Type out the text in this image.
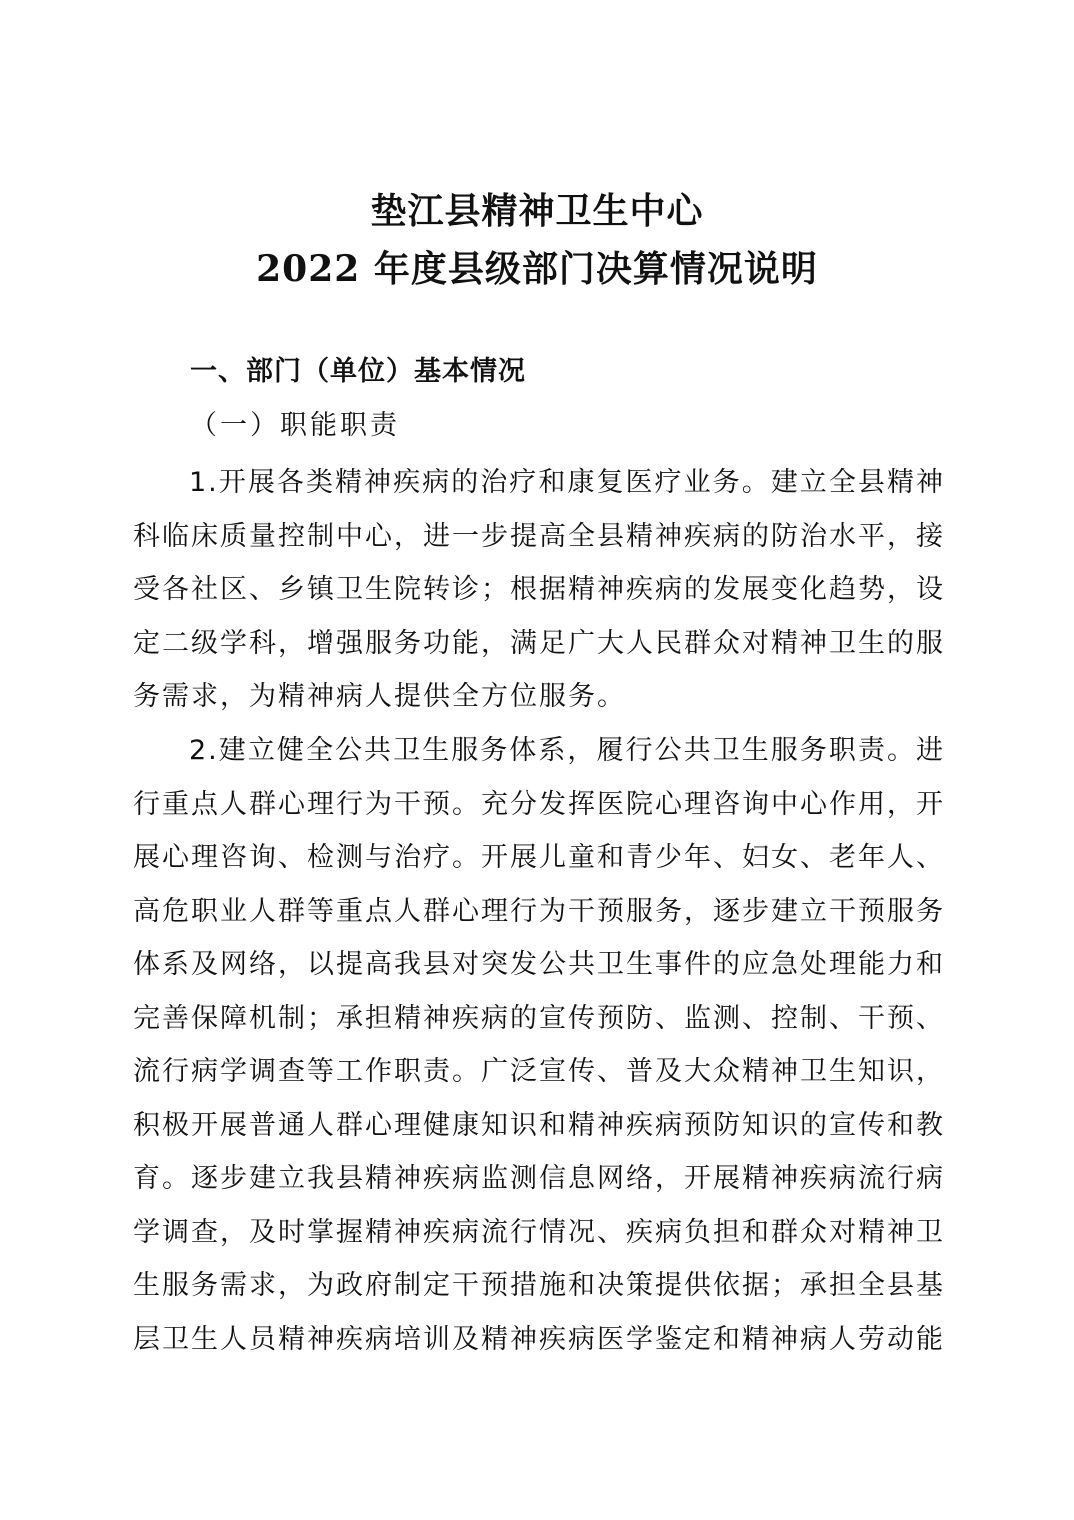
垫江县精神卫生中心
2022 年度县级部门决算情况说明
一、部门（单位）基本情况
（一）职能职责
1.开展各类精神疾病的治疗和康复医疗业务。建立全县精神
科临床质量控制中心，进一步提高全县精神疾病的防治水平，接
受各社区、乡镇卫生院转诊；根据精神疾病的发展变化趋势，设
定二级学科，增强服务功能，满足广大人民群众对精神卫生的服
务需求，为精神病人提供全方位服务。
2.建立健全公共卫生服务体系，履行公共卫生服务职责。进
行重点人群心理行为干预。充分发挥医院心理咨询中心作用，开
展心理咨询、检测与治疗。开展儿童和青少年、妇女、老年人、
高危职业人群等重点人群心理行为干预服务，逐步建立干预服务
体系及网络，以提高我县对突发公共卫生事件的应急处理能力和
完善保障机制；承担精神疾病的宣传预防、监测、控制、干预、
流行病学调查等工作职责。广泛宣传、普及大众精神卫生知识，
积极开展普通人群心理健康知识和精神疾病预防知识的宣传和教
育。逐步建立我县精神疾病监测信息网络，开展精神疾病流行病
学调查，及时掌握精神疾病流行情况、疾病负担和群众对精神卫
生服务需求，为政府制定干预措施和决策提供依据；承担全县基
层卫生人员精神疾病培训及精神疾病医学鉴定和精神病人劳动能
